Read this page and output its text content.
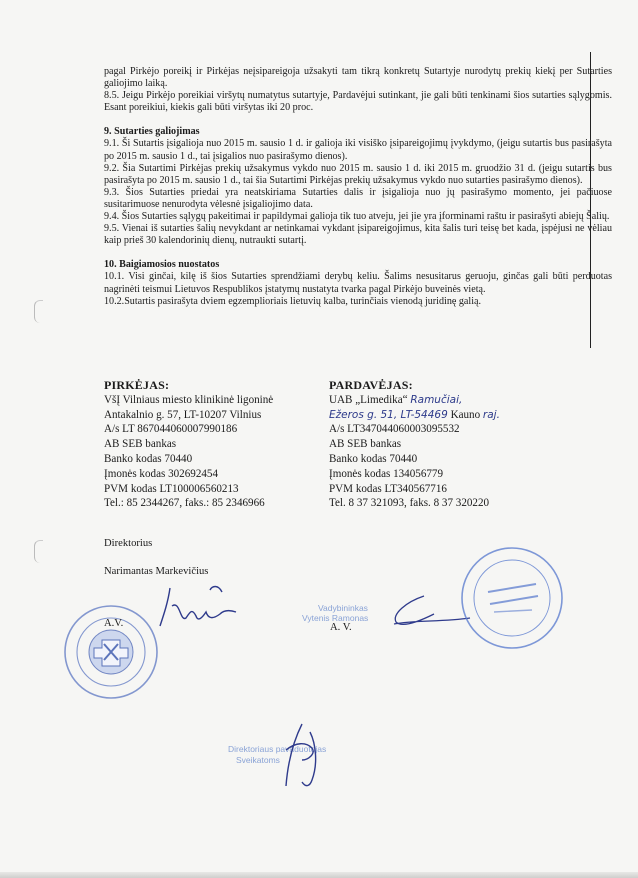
pagal Pirkėjo poreikį ir Pirkėjas neįsipareigoja užsakyti tam tikrą konkretų Sutartyje nurodytų prekių kiekį per Sutarties galiojimo laiką.

8.5. Jeigu Pirkėjo poreikiai viršytų numatytus sutartyje, Pardavėjui sutinkant, jie gali būti tenkinami šios sutarties sąlygomis. Esant poreikiui, kiekis gali būti viršytas iki 20 proc.

9. Sutarties galiojimas

9.1. Ši Sutartis įsigalioja nuo 2015 m. sausio 1 d. ir galioja iki visiško įsipareigojimų įvykdymo, (jeigu sutartis bus pasirašyta po 2015 m. sausio 1 d., tai įsigalios nuo pasirašymo dienos).

9.2. Šia Sutartimi Pirkėjas prekių užsakymus vykdo nuo 2015 m. sausio 1 d. iki 2015 m. gruodžio 31 d. (jeigu sutartis bus pasirašyta po 2015 m. sausio 1 d., tai šia Sutartimi Pirkėjas prekių užsakymus vykdo nuo sutarties pasirašymo dienos).

9.3. Šios Sutarties priedai yra neatskiriama Sutarties dalis ir įsigalioja nuo jų pasirašymo momento, jei pačiuose susitarimuose nenurodyta vėlesnė įsigaliojimo data.

9.4. Šios Sutarties sąlygų pakeitimai ir papildymai galioja tik tuo atveju, jei jie yra įforminami raštu ir pasirašyti abiejų Šalių.

9.5. Vienai iš sutarties šalių nevykdant ar netinkamai vykdant įsipareigojimus, kita šalis turi teisę bet kada, įspėjusi ne vėliau kaip prieš 30 kalendorinių dienų, nutraukti sutartį.

10. Baigiamosios nuostatos

10.1. Visi ginčai, kilę iš šios Sutarties sprendžiami derybų keliu. Šalims nesusitarus geruoju, ginčas gali būti perduotas nagrinėti teismui Lietuvos Respublikos įstatymų nustatyta tvarka pagal Pirkėjo buveinės vietą.

10.2.Sutartis pasirašyta dviem egzemplioriais lietuvių kalba, turinčiais vienodą juridinę galią.

PIRKĖJAS:
VšĮ Vilniaus miesto klinikinė ligoninė
Antakalnio g. 57, LT-10207 Vilnius
A/s LT 867044060007990186
AB SEB bankas
Banko kodas 70440
Įmonės kodas 302692454
PVM kodas LT100006560213
Tel.: 85 2344267, faks.: 85 2346966
PARDAVĖJAS:
UAB „Limedika“ Ramučiai,
Ežeros g. 51, LT-54469 Kauno raj.
A/s LT347044060003095532
AB SEB bankas
Banko kodas 70440
Įmonės kodas 134056779
PVM kodas LT340567716
Tel. 8 37 321093, faks. 8 37 320220
Direktorius
Narimantas Markevičius
A.V.
Vadybininkas
Vytenis Ramonas
A. V.
Direktoriaus pavaduotojas
Sveikatoms
